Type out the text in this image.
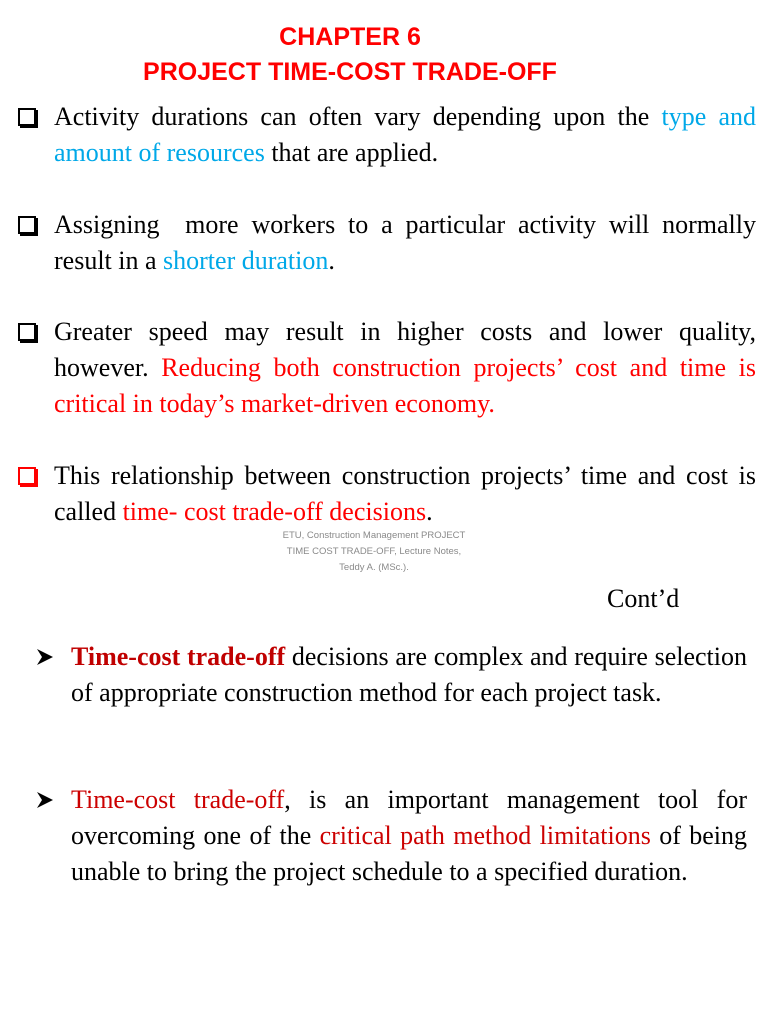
CHAPTER 6
PROJECT TIME-COST TRADE-OFF
Activity durations can often vary depending upon the type and amount of resources that are applied.
Assigning  more workers to a particular activity will normally result in a shorter duration.
Greater speed may result in higher costs and lower quality, however. Reducing both construction projects’ cost and time is critical in today’s market-driven economy.
This relationship between construction projects’ time and cost is called time- cost trade-off decisions.
ETU, Construction Management PROJECT
TIME COST TRADE-OFF, Lecture Notes,
Teddy A. (MSc.).
Cont’d
Time-cost trade-off decisions are complex and require selection of appropriate construction method for each project task.
Time-cost trade-off, is an important management tool for overcoming one of the critical path method limitations of being unable to bring the project schedule to a specified duration.
